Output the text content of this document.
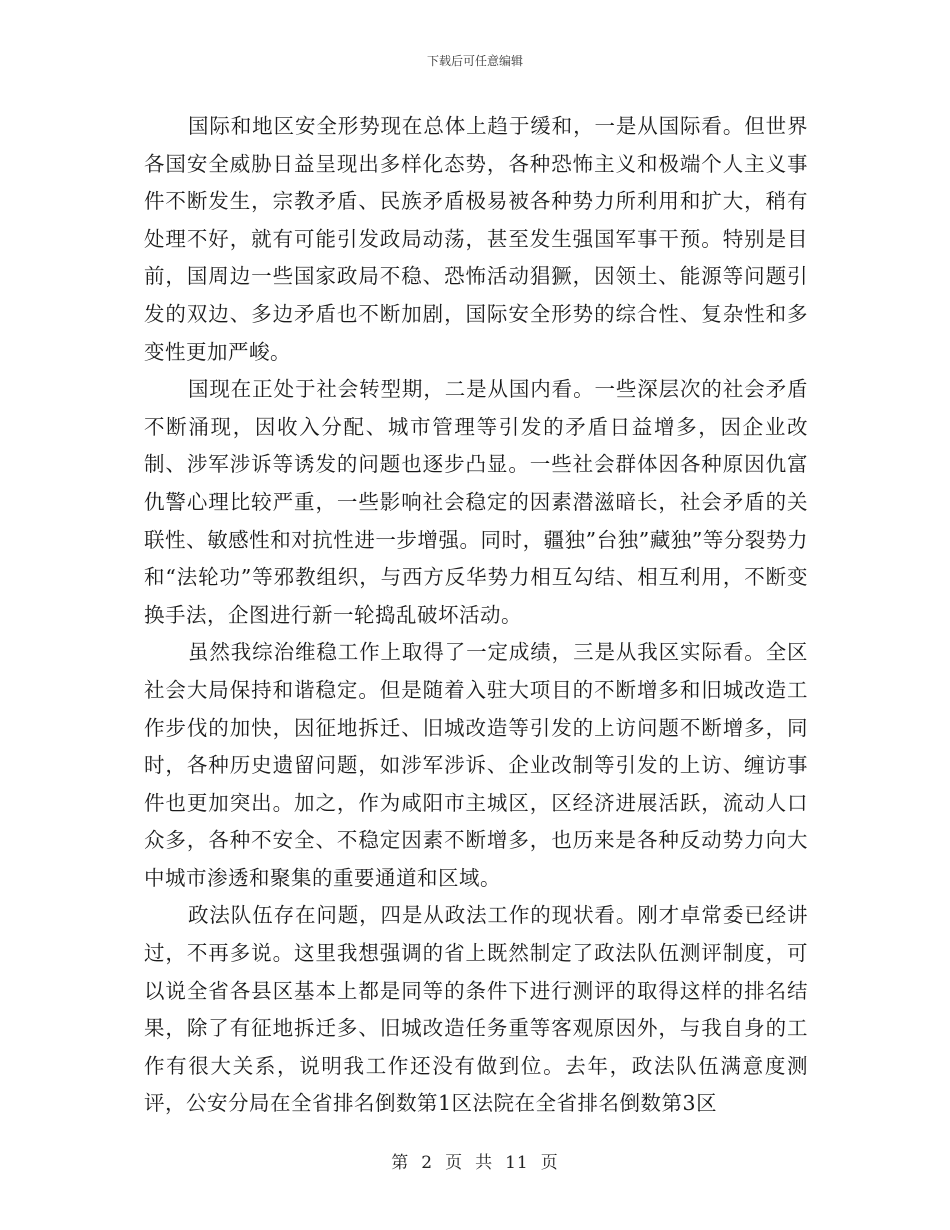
下载后可任意编辑

国际和地区安全形势现在总体上趋于缓和，一是从国际看。但世界各国安全威胁日益呈现出多样化态势，各种恐怖主义和极端个人主义事件不断发生，宗教矛盾、民族矛盾极易被各种势力所利用和扩大，稍有处理不好，就有可能引发政局动荡，甚至发生强国军事干预。特别是目前，国周边一些国家政局不稳、恐怖活动猖獗，因领土、能源等问题引发的双边、多边矛盾也不断加剧，国际安全形势的综合性、复杂性和多变性更加严峻。

国现在正处于社会转型期，二是从国内看。一些深层次的社会矛盾不断涌现，因收入分配、城市管理等引发的矛盾日益增多，因企业改制、涉军涉诉等诱发的问题也逐步凸显。一些社会群体因各种原因仇富仇警心理比较严重，一些影响社会稳定的因素潜滋暗长，社会矛盾的关联性、敏感性和对抗性进一步增强。同时，疆独”台独”藏独”等分裂势力和“法轮功”等邪教组织，与西方反华势力相互勾结、相互利用，不断变换手法，企图进行新一轮捣乱破坏活动。

虽然我综治维稳工作上取得了一定成绩，三是从我区实际看。全区社会大局保持和谐稳定。但是随着入驻大项目的不断增多和旧城改造工作步伐的加快，因征地拆迁、旧城改造等引发的上访问题不断增多，同时，各种历史遗留问题，如涉军涉诉、企业改制等引发的上访、缠访事件也更加突出。加之，作为咸阳市主城区，区经济进展活跃，流动人口众多，各种不安全、不稳定因素不断增多，也历来是各种反动势力向大中城市渗透和聚集的重要通道和区域。

政法队伍存在问题，四是从政法工作的现状看。刚才卓常委已经讲过，不再多说。这里我想强调的省上既然制定了政法队伍测评制度，可以说全省各县区基本上都是同等的条件下进行测评的取得这样的排名结果，除了有征地拆迁多、旧城改造任务重等客观原因外，与我自身的工作有很大关系，说明我工作还没有做到位。去年，政法队伍满意度测评，公安分局在全省排名倒数第1区法院在全省排名倒数第3区

第 2 页 共 11 页
